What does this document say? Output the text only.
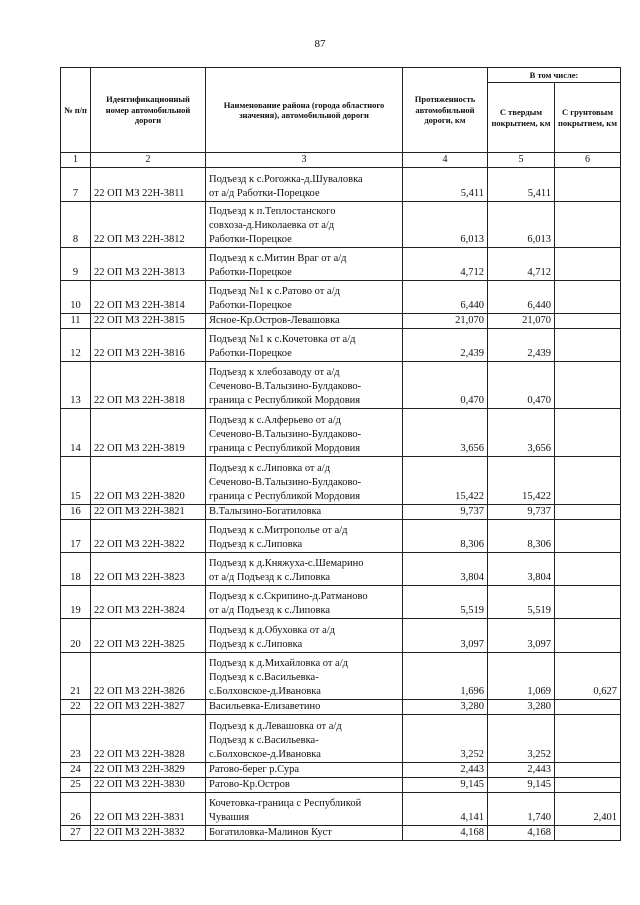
87
№ п/п	Идентификационный номер автомобильной дороги	Наименование района (города областного значения), автомобильной дороги	Протяженность автомобильной дороги, км	В том числе:	
				С твердым покрытием, км	С грунтовым покрытием, км
1	2	3	4	5	6
7	22 ОП МЗ 22Н-3811	Подъезд к с.Рогожка-д.Шуваловка
от а/д Работки-Порецкое	5,411	5,411	
8	22 ОП МЗ 22Н-3812	Подъезд к п.Теплостанского
совхоза-д.Николаевка от а/д
Работки-Порецкое	6,013	6,013	
9	22 ОП МЗ 22Н-3813	Подъезд к с.Митин Враг от а/д
Работки-Порецкое	4,712	4,712	
10	22 ОП МЗ 22Н-3814	Подъезд №1 к с.Ратово от а/д
Работки-Порецкое	6,440	6,440	
11	22 ОП МЗ 22Н-3815	Ясное-Кр.Остров-Левашовка	21,070	21,070	
12	22 ОП МЗ 22Н-3816	Подъезд №1 к с.Кочетовка от а/д
Работки-Порецкое	2,439	2,439	
13	22 ОП МЗ 22Н-3818	Подъезд к хлебозаводу от а/д
Сеченово-В.Талызино-Булдаково-
граница с Республикой Мордовия	0,470	0,470	
14	22 ОП МЗ 22Н-3819	Подъезд к с.Алферьево от а/д
Сеченово-В.Талызино-Булдаково-
граница с Республикой Мордовия	3,656	3,656	
15	22 ОП МЗ 22Н-3820	Подъезд к с.Липовка от а/д
Сеченово-В.Талызино-Булдаково-
граница с Республикой Мордовия	15,422	15,422	
16	22 ОП МЗ 22Н-3821	В.Талызино-Богатиловка	9,737	9,737	
17	22 ОП МЗ 22Н-3822	Подъезд к с.Митрополье от а/д
Подъезд к с.Липовка	8,306	8,306	
18	22 ОП МЗ 22Н-3823	Подъезд к д.Княжуха-с.Шемарино
от а/д Подъезд к с.Липовка	3,804	3,804	
19	22 ОП МЗ 22Н-3824	Подъезд к с.Скрипино-д.Ратманово
от а/д Подъезд к с.Липовка	5,519	5,519	
20	22 ОП МЗ 22Н-3825	Подъезд к д.Обуховка от а/д
Подъезд к с.Липовка	3,097	3,097	
21	22 ОП МЗ 22Н-3826	Подъезд к д.Михайловка от а/д
Подъезд к с.Васильевка-
с.Болховское-д.Ивановка	1,696	1,069	0,627
22	22 ОП МЗ 22Н-3827	Васильевка-Елизаветино	3,280	3,280	
23	22 ОП МЗ 22Н-3828	Подъезд к д.Левашовка от а/д
Подъезд к с.Васильевка-
с.Болховское-д.Ивановка	3,252	3,252	
24	22 ОП МЗ 22Н-3829	Ратово-берег р.Сура	2,443	2,443	
25	22 ОП МЗ 22Н-3830	Ратово-Кр.Остров	9,145	9,145	
26	22 ОП МЗ 22Н-3831	Кочетовка-граница с Республикой
Чувашия	4,141	1,740	2,401
27	22 ОП МЗ 22Н-3832	Богатиловка-Малинов Куст	4,168	4,168	
